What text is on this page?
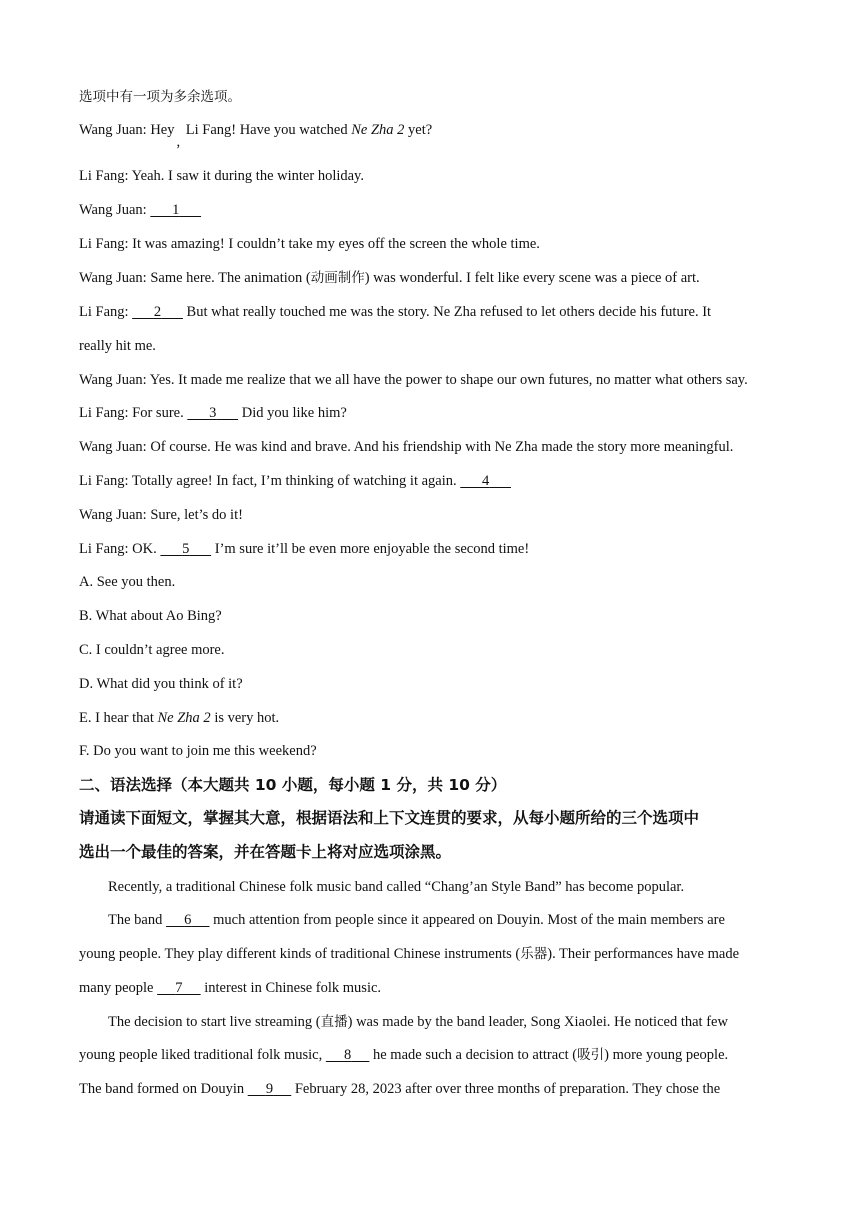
选项中有一项为多余选项。
Wang Juan: Hey, Li Fang! Have you watched Ne Zha 2 yet?
Li Fang: Yeah. I saw it during the winter holiday.
Wang Juan: 1
Li Fang: It was amazing! I couldn’t take my eyes off the screen the whole time.
Wang Juan: Same here. The animation (动画制作) was wonderful. I felt like every scene was a piece of art.
Li Fang: 2 But what really touched me was the story. Ne Zha refused to let others decide his future. It
really hit me.
Wang Juan: Yes. It made me realize that we all have the power to shape our own futures, no matter what others say.
Li Fang: For sure. 3 Did you like him?
Wang Juan: Of course. He was kind and brave. And his friendship with Ne Zha made the story more meaningful.
Li Fang: Totally agree! In fact, I’m thinking of watching it again. 4
Wang Juan: Sure, let’s do it!
Li Fang: OK. 5 I’m sure it’ll be even more enjoyable the second time!
A. See you then.
B. What about Ao Bing?
C. I couldn’t agree more.
D. What did you think of it?
E. I hear that Ne Zha 2 is very hot.
F. Do you want to join me this weekend?
二、语法选择（本大题共 10 小题，每小题 1 分，共 10 分）
请通读下面短文，掌握其大意，根据语法和上下文连贯的要求，从每小题所给的三个选项中
选出一个最佳的答案，并在答题卡上将对应选项涂黑。
Recently, a traditional Chinese folk music band called “Chang’an Style Band” has become popular.
The band 6 much attention from people since it appeared on Douyin. Most of the main members are
young people. They play different kinds of traditional Chinese instruments (乐器). Their performances have made
many people 7 interest in Chinese folk music.
The decision to start live streaming (直播) was made by the band leader, Song Xiaolei. He noticed that few
young people liked traditional folk music, 8 he made such a decision to attract (吸引) more young people.
The band formed on Douyin 9 February 28, 2023 after over three months of preparation. They chose the
